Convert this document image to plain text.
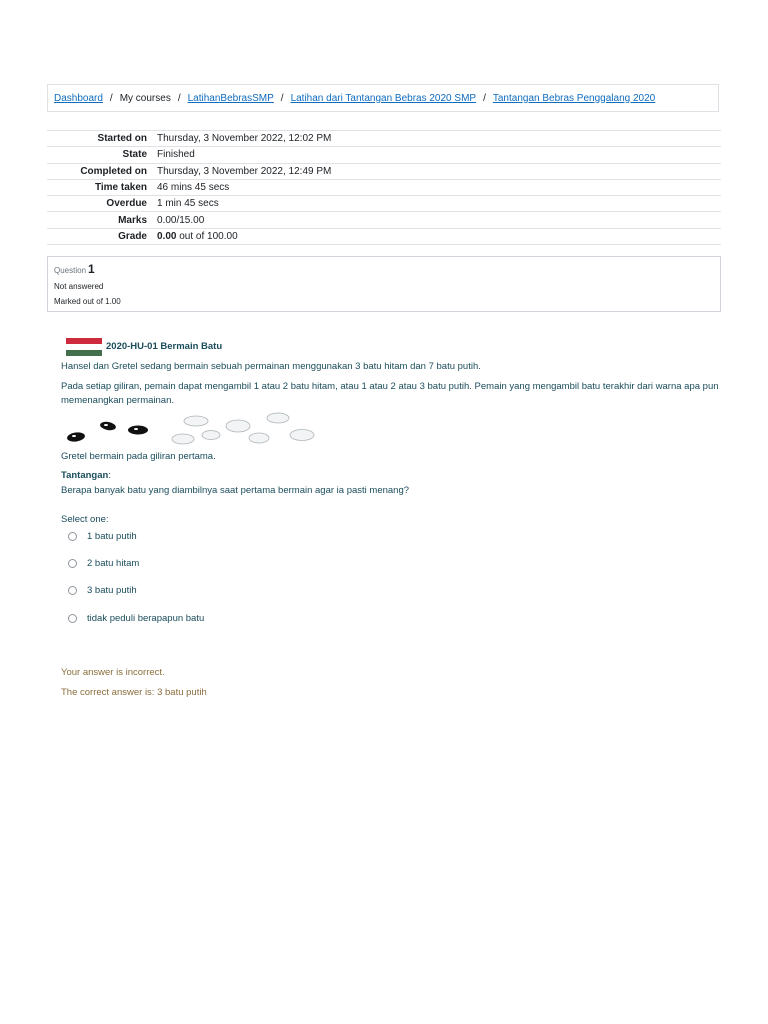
Dashboard / My courses / LatihanBebrasSMP / Latihan dari Tantangan Bebras 2020 SMP / Tantangan Bebras Penggalang 2020
Started on	Thursday, 3 November 2022, 12:02 PM
State	Finished
Completed on	Thursday, 3 November 2022, 12:49 PM
Time taken	46 mins 45 secs
Overdue	1 min 45 secs
Marks	0.00/15.00
Grade	0.00 out of 100.00
Question 1
Not answered
Marked out of 1.00
2020-HU-01 Bermain Batu
Hansel dan Gretel sedang bermain sebuah permainan menggunakan 3 batu hitam dan 7 batu putih.
Pada setiap giliran, pemain dapat mengambil 1 atau 2 batu hitam, atau 1 atau 2 atau 3 batu putih. Pemain yang mengambil batu terakhir dari warna apa pun memenangkan permainan.
Gretel bermain pada giliran pertama.
Tantangan:
Berapa banyak batu yang diambilnya saat pertama bermain agar ia pasti menang?
Select one:
1 batu putih
2 batu hitam
3 batu putih
tidak peduli berapapun batu
Your answer is incorrect.
The correct answer is: 3 batu putih
